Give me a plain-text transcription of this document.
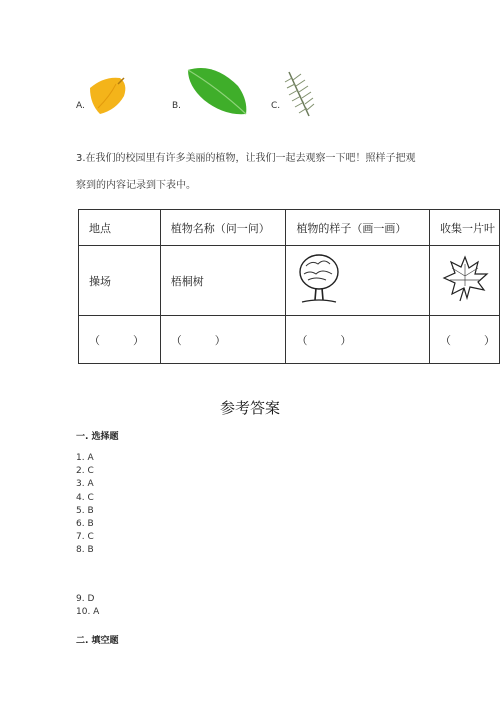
A.	B.	C.
3.在我们的校园里有许多美丽的植物，让我们一起去观察一下吧！照样子把观
察到的内容记录到下表中。
地点	植物名称（问一问）	植物的样子（画一画）	收集一片叶
操场	梧桐树		
（　　　）	（　　　）	（　　　）	（　　　）
参考答案
一. 选择题
1. A
2. C
3. A
4. C
5. B
6. B
7. C
8. B
9. D
10. A
二. 填空题
